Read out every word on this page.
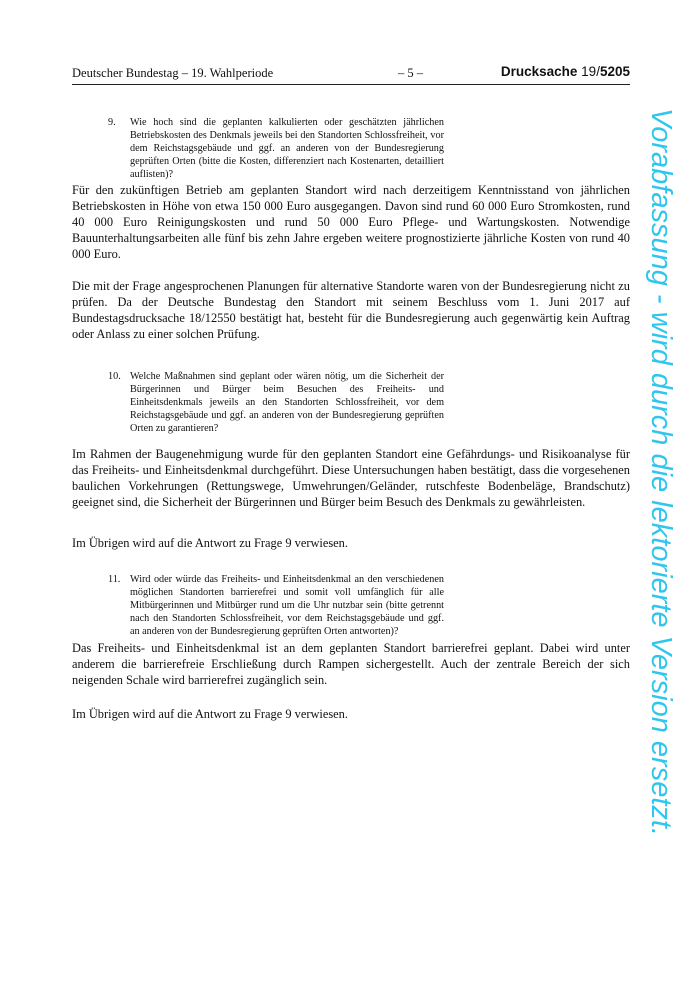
Deutscher Bundestag – 19. Wahlperiode	– 5 –	Drucksache 19/5205
9. Wie hoch sind die geplanten kalkulierten oder geschätzten jährlichen Betriebskosten des Denkmals jeweils bei den Standorten Schlossfreiheit, vor dem Reichstagsgebäude und ggf. an anderen von der Bundesregierung geprüften Orten (bitte die Kosten, differenziert nach Kostenarten, detailliert auflisten)?
Für den zukünftigen Betrieb am geplanten Standort wird nach derzeitigem Kenntnisstand von jährlichen Betriebskosten in Höhe von etwa 150 000 Euro ausgegangen. Davon sind rund 60 000 Euro Stromkosten, rund 40 000 Euro Reinigungskosten und rund 50 000 Euro Pflege- und Wartungskosten. Notwendige Bauunterhaltungsarbeiten alle fünf bis zehn Jahre ergeben weitere prognostizierte jährliche Kosten von rund 40 000 Euro.
Die mit der Frage angesprochenen Planungen für alternative Standorte waren von der Bundesregierung nicht zu prüfen. Da der Deutsche Bundestag den Standort mit seinem Beschluss vom 1. Juni 2017 auf Bundestagsdrucksache 18/12550 bestätigt hat, besteht für die Bundesregierung auch gegenwärtig kein Auftrag oder Anlass zu einer solchen Prüfung.
10. Welche Maßnahmen sind geplant oder wären nötig, um die Sicherheit der Bürgerinnen und Bürger beim Besuchen des Freiheits- und Einheitsdenkmals jeweils an den Standorten Schlossfreiheit, vor dem Reichstagsgebäude und ggf. an anderen von der Bundesregierung geprüften Orten zu garantieren?
Im Rahmen der Baugenehmigung wurde für den geplanten Standort eine Gefährdungs- und Risikoanalyse für das Freiheits- und Einheitsdenkmal durchgeführt. Diese Untersuchungen haben bestätigt, dass die vorgesehenen baulichen Vorkehrungen (Rettungswege, Umwehrungen/Geländer, rutschfeste Bodenbeläge, Brandschutz) geeignet sind, die Sicherheit der Bürgerinnen und Bürger beim Besuch des Denkmals zu gewährleisten.
Im Übrigen wird auf die Antwort zu Frage 9 verwiesen.
11. Wird oder würde das Freiheits- und Einheitsdenkmal an den verschiedenen möglichen Standorten barrierefrei und somit voll umfänglich für alle Mitbürgerinnen und Mitbürger rund um die Uhr nutzbar sein (bitte getrennt nach den Standorten Schlossfreiheit, vor dem Reichstagsgebäude und ggf. an anderen von der Bundesregierung geprüften Orten antworten)?
Das Freiheits- und Einheitsdenkmal ist an dem geplanten Standort barrierefrei geplant. Dabei wird unter anderem die barrierefreie Erschließung durch Rampen sichergestellt. Auch der zentrale Bereich der sich neigenden Schale wird barrierefrei zugänglich sein.
Im Übrigen wird auf die Antwort zu Frage 9 verwiesen.	Vorabfassung - wird durch die lektorierte Version ersetzt.
